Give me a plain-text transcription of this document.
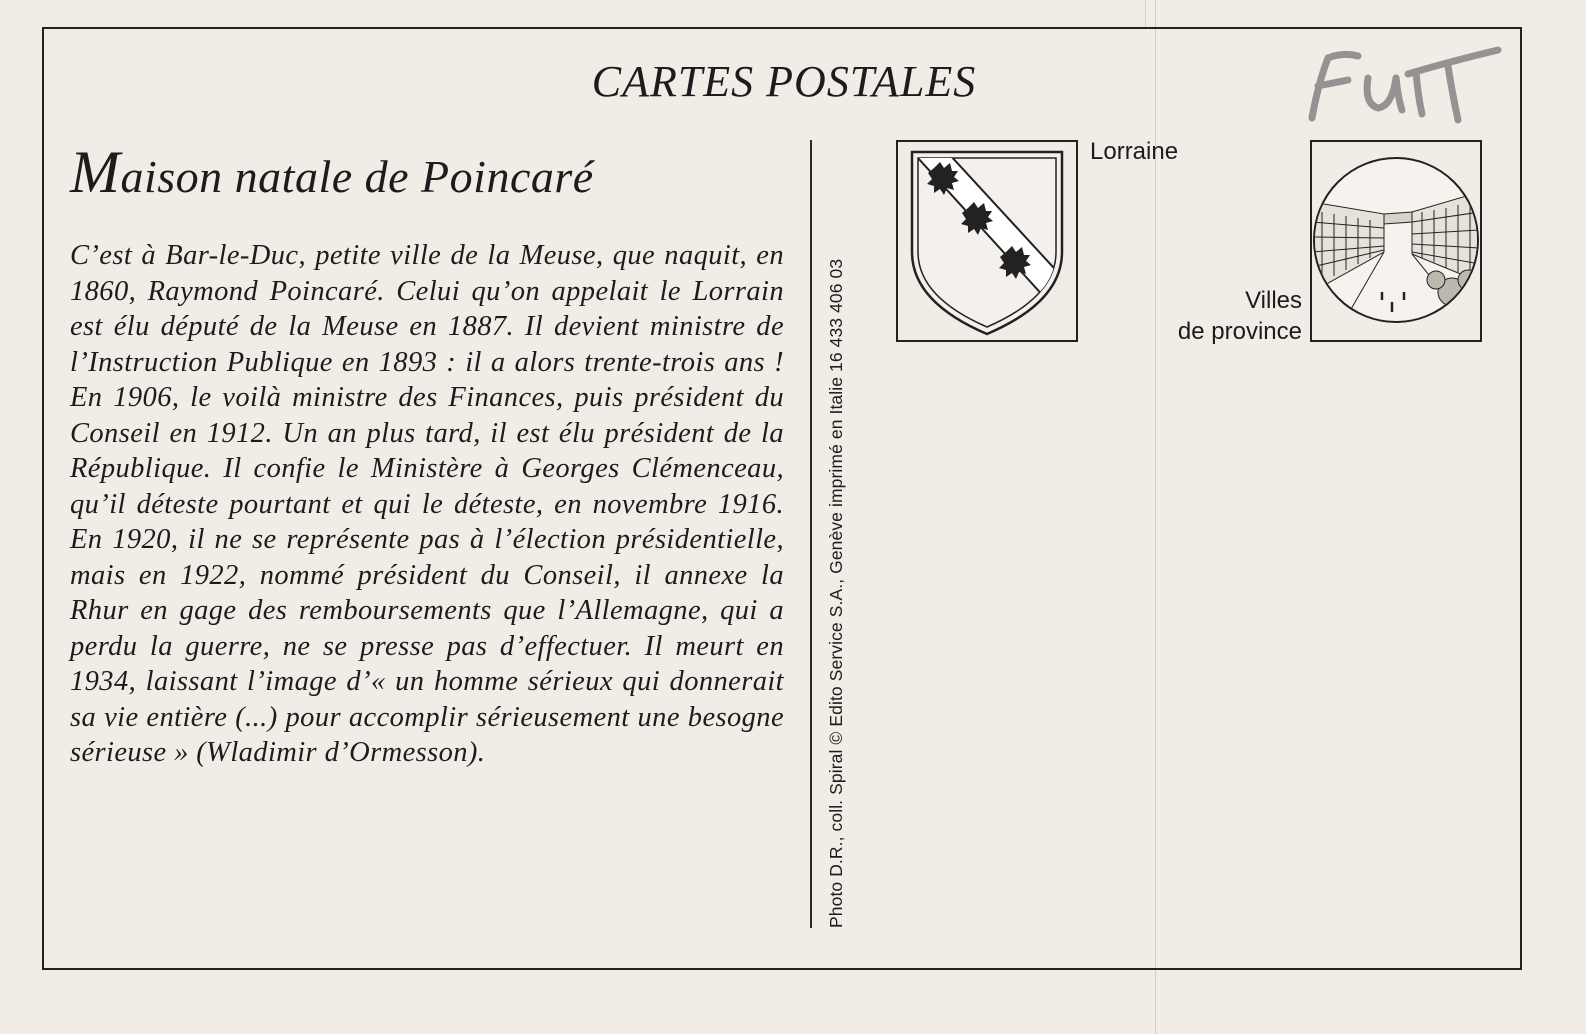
CARTES POSTALES
Maison natale de Poincaré
C’est à Bar-le-Duc, petite ville de la Meuse, que naquit, en 1860, Raymond Poincaré. Celui qu’on appelait le Lorrain est élu député de la Meuse en 1887. Il devient ministre de l’Instruction Publique en 1893 : il a alors trente-trois ans ! En 1906, le voilà ministre des Finances, puis président du Conseil en 1912. Un an plus tard, il est élu président de la République. Il confie le Ministère à Georges Clémenceau, qu’il déteste pourtant et qui le déteste, en novembre 1916. En 1920, il ne se représente pas à l’élection présidentielle, mais en 1922, nommé président du Conseil, il annexe la Rhur en gage des remboursements que l’Allemagne, qui a perdu la guerre, ne se presse pas d’effectuer. Il meurt en 1934, laissant l’image d’« un homme sérieux qui donnerait sa vie entière (...) pour accomplir sérieusement une besogne sérieuse » (Wladimir d’Ormesson).	Photo D.R., coll. Spiral © Edito Service S.A., Genève imprimé en Italie 16 433 406 03
Lorraine
Villes
de province
